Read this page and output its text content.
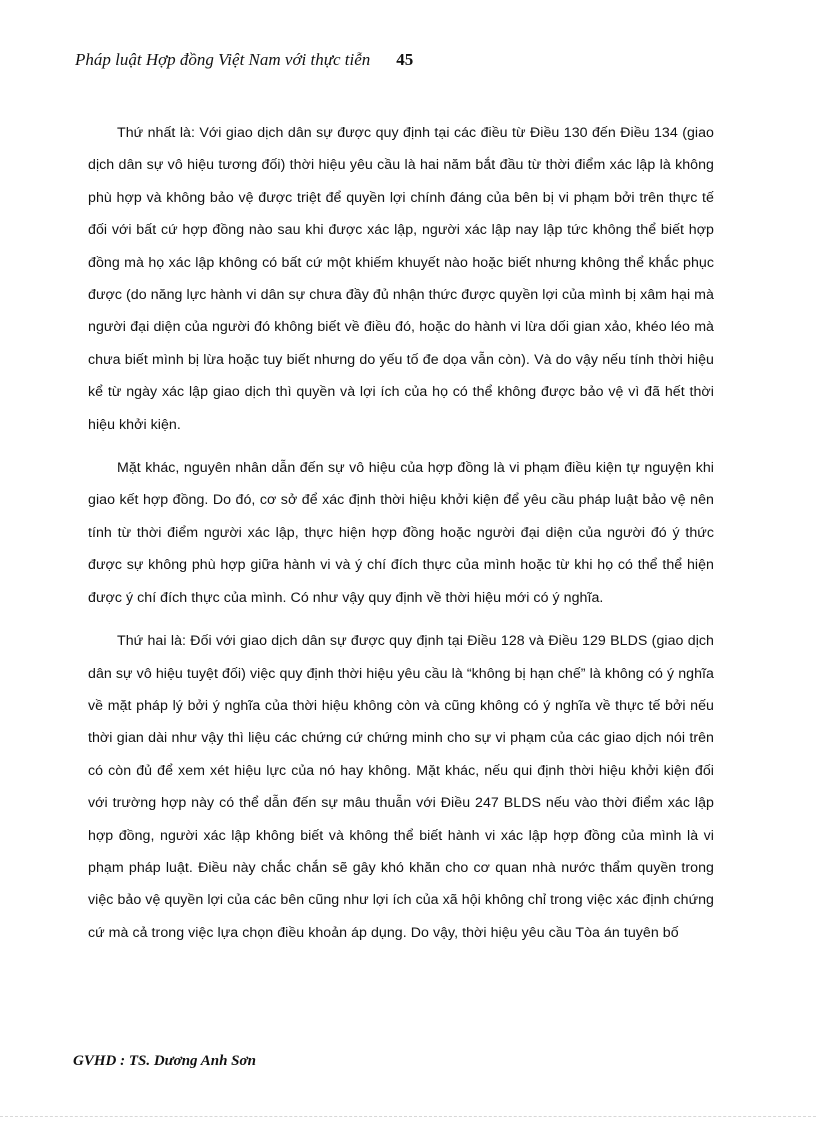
Pháp luật Hợp đồng Việt Nam với thực tiễn 45

Thứ nhất là: Với giao dịch dân sự được quy định tại các điều từ Điều 130 đến Điều 134 (giao dịch dân sự vô hiệu tương đối) thời hiệu yêu cầu là hai năm bắt đầu từ thời điểm xác lập là không phù hợp và không bảo vệ được triệt để quyền lợi chính đáng của bên bị vi phạm bởi trên thực tế đối với bất cứ hợp đồng nào sau khi được xác lập, người xác lập nay lập tức không thể biết hợp đồng mà họ xác lập không có bất cứ một khiếm khuyết nào hoặc biết nhưng không thể khắc phục được (do năng lực hành vi dân sự chưa đầy đủ nhận thức được quyền lợi của mình bị xâm hại mà người đại diện của người đó không biết về điều đó, hoặc do hành vi lừa dối gian xảo, khéo léo mà chưa biết mình bị lừa hoặc tuy biết nhưng do yếu tố đe dọa vẫn còn). Và do vậy nếu tính thời hiệu kể từ ngày xác lập giao dịch thì quyền và lợi ích của họ có thể không được bảo vệ vì đã hết thời hiệu khởi kiện.

Mặt khác, nguyên nhân dẫn đến sự vô hiệu của hợp đồng là vi phạm điều kiện tự nguyện khi giao kết hợp đồng. Do đó, cơ sở để xác định thời hiệu khởi kiện để yêu cầu pháp luật bảo vệ nên tính từ thời điểm người xác lập, thực hiện hợp đồng hoặc người đại diện của người đó ý thức được sự không phù hợp giữa hành vi và ý chí đích thực của mình hoặc từ khi họ có thể thể hiện được ý chí đích thực của mình. Có như vậy quy định về thời hiệu mới có ý nghĩa.

Thứ hai là: Đối với giao dịch dân sự được quy định tại Điều 128 và Điều 129 BLDS (giao dịch dân sự vô hiệu tuyệt đối) việc quy định thời hiệu yêu cầu là “không bị hạn chế” là không có ý nghĩa về mặt pháp lý bởi ý nghĩa của thời hiệu không còn và cũng không có ý nghĩa về thực tế bởi nếu thời gian dài như vậy thì liệu các chứng cứ chứng minh cho sự vi phạm của các giao dịch nói trên có còn đủ để xem xét hiệu lực của nó hay không. Mặt khác, nếu qui định thời hiệu khởi kiện đối với trường hợp này có thể dẫn đến sự mâu thuẫn với Điều 247 BLDS nếu vào thời điểm xác lập hợp đồng, người xác lập không biết và không thể biết hành vi xác lập hợp đồng của mình là vi phạm pháp luật. Điều này chắc chắn sẽ gây khó khăn cho cơ quan nhà nước thẩm quyền trong việc bảo vệ quyền lợi của các bên cũng như lợi ích của xã hội không chỉ trong việc xác định chứng cứ mà cả trong việc lựa chọn điều khoản áp dụng. Do vậy, thời hiệu yêu cầu Tòa án tuyên bố

GVHD : TS. Dương Anh Sơn
